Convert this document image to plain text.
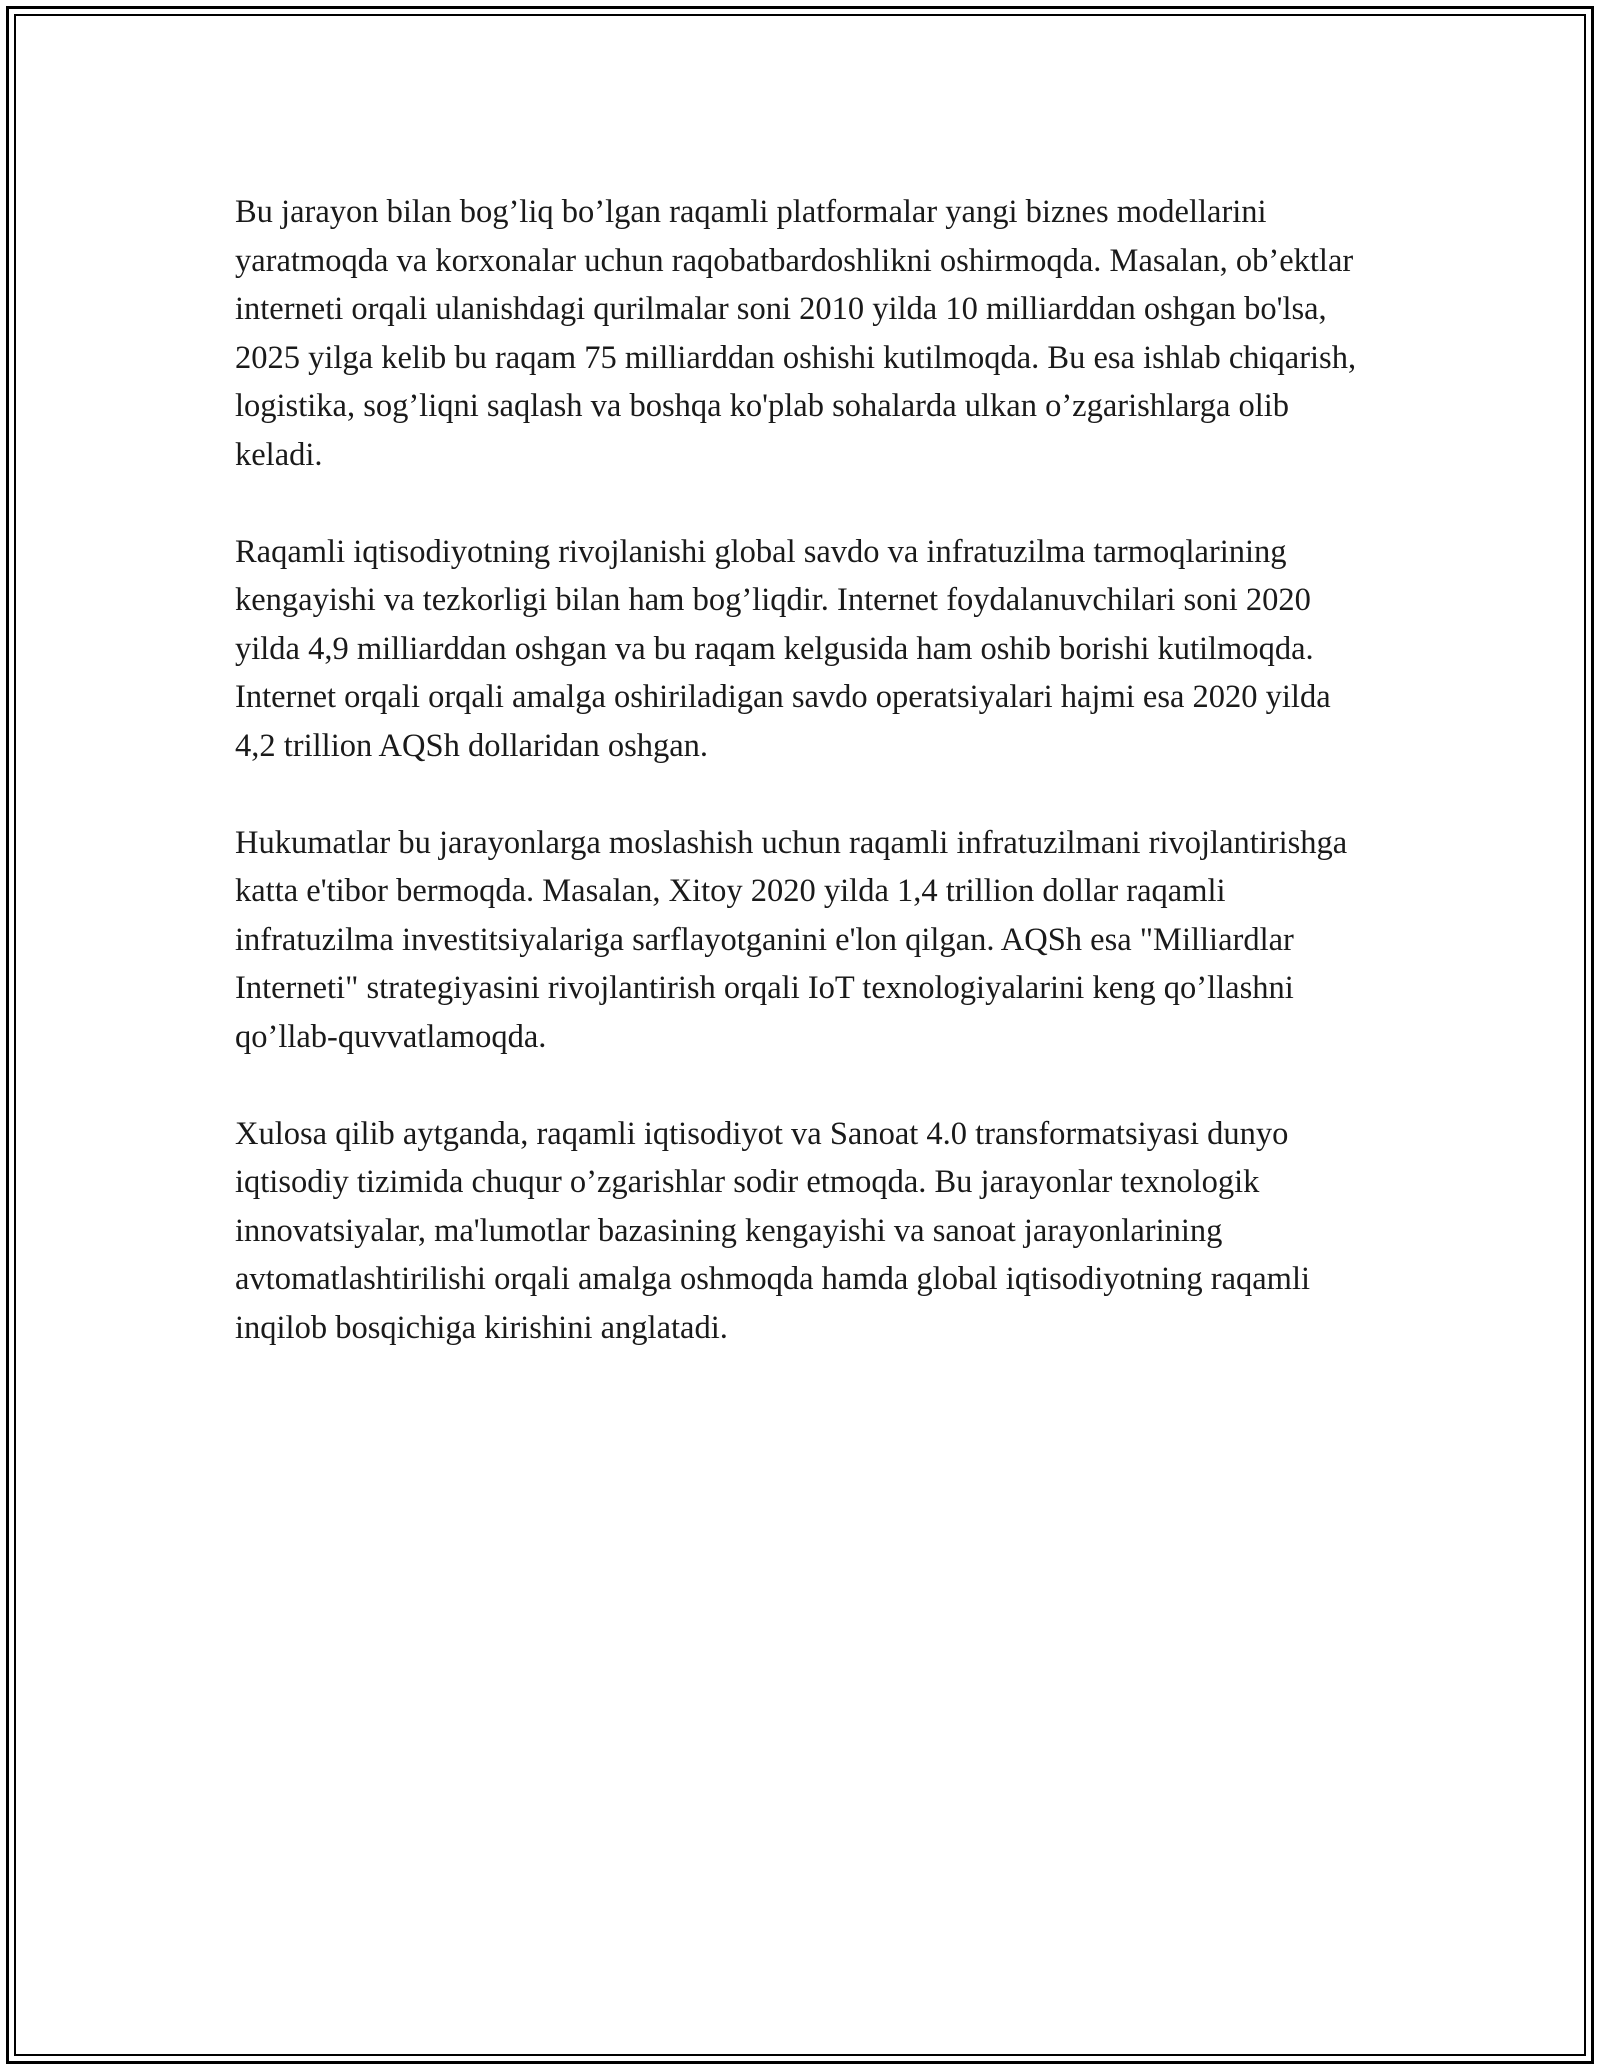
Bu jarayon bilan bog’liq bo’lgan raqamli platformalar yangi biznes modellarini yaratmoqda va korxonalar uchun raqobatbardoshlikni oshirmoqda. Masalan, ob’ektlar interneti orqali ulanishdagi qurilmalar soni 2010 yilda 10 milliarddan oshgan bo'lsa, 2025 yilga kelib bu raqam 75 milliarddan oshishi kutilmoqda. Bu esa ishlab chiqarish, logistika, sog’liqni saqlash va boshqa ko'plab sohalarda ulkan o’zgarishlarga olib keladi.

Raqamli iqtisodiyotning rivojlanishi global savdo va infratuzilma tarmoqlarining kengayishi va tezkorligi bilan ham bog’liqdir. Internet foydalanuvchilari soni 2020 yilda 4,9 milliarddan oshgan va bu raqam kelgusida ham oshib borishi kutilmoqda. Internet orqali orqali amalga oshiriladigan savdo operatsiyalari hajmi esa 2020 yilda 4,2 trillion AQSh dollaridan oshgan.

Hukumatlar bu jarayonlarga moslashish uchun raqamli infratuzilmani rivojlantirishga katta e'tibor bermoqda. Masalan, Xitoy 2020 yilda 1,4 trillion dollar raqamli infratuzilma investitsiyalariga sarflayotganini e'lon qilgan. AQSh esa "Milliardlar Interneti" strategiyasini rivojlantirish orqali IoT texnologiyalarini keng qo’llashni qo’llab-quvvatlamoqda.

Xulosa qilib aytganda, raqamli iqtisodiyot va Sanoat 4.0 transformatsiyasi dunyo iqtisodiy tizimida chuqur o’zgarishlar sodir etmoqda. Bu jarayonlar texnologik innovatsiyalar, ma'lumotlar bazasining kengayishi va sanoat jarayonlarining avtomatlashtirilishi orqali amalga oshmoqda hamda global iqtisodiyotning raqamli inqilob bosqichiga kirishini anglatadi.
